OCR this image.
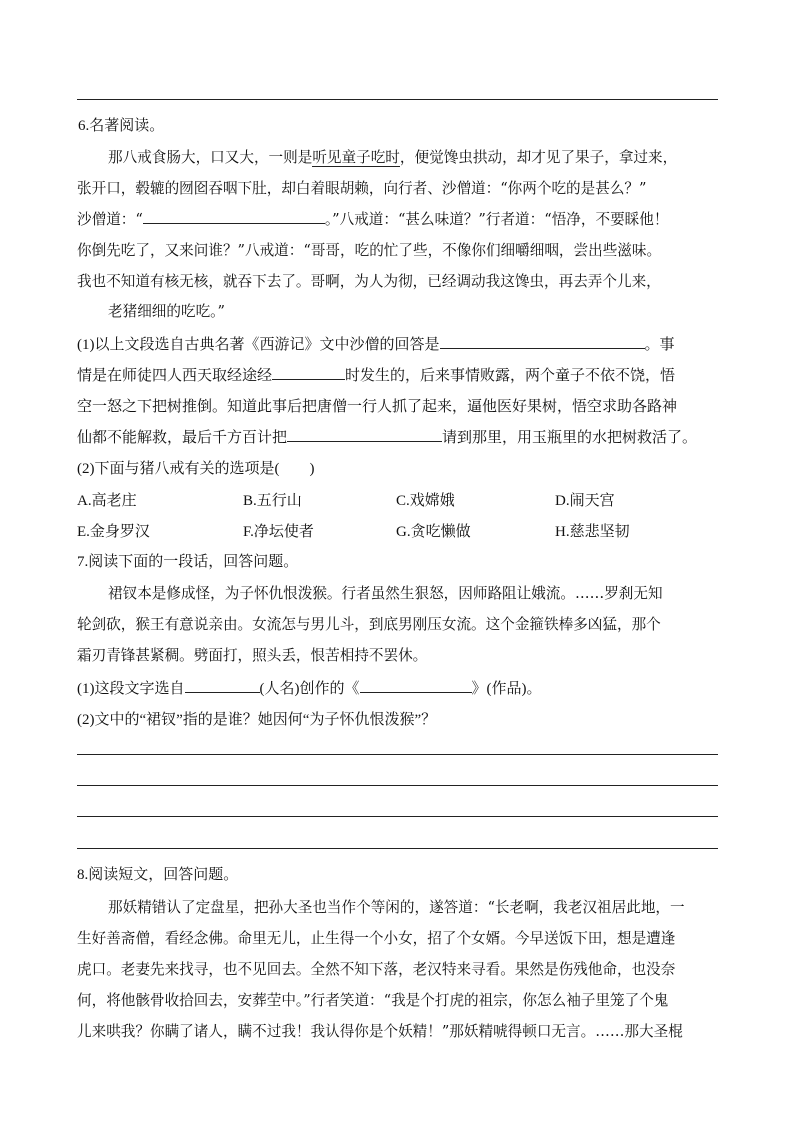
6.名著阅读。
那八戒食肠大，口又大，一则是听见童子吃时，便觉馋虫拱动，却才见了果子，拿过来，
张开口，毂辘的囫囵吞咽下肚，却白着眼胡赖，向行者、沙僧道：“你两个吃的是甚么？”
沙僧道：“	。”八戒道：“甚么味道？”行者道：“悟净，不要睬他！
你倒先吃了，又来问谁？”八戒道：“哥哥，吃的忙了些，不像你们细嚼细咽，尝出些滋味。
我也不知道有核无核，就吞下去了。哥啊，为人为彻，已经调动我这馋虫，再去弄个儿来，
老猪细细的吃吃。”
(1)以上文段选自古典名著《西游记》文中沙僧的回答是	。事
情是在师徒四人西天取经途经	时发生的，后来事情败露，两个童子不依不饶，悟
空一怒之下把树推倒。知道此事后把唐僧一行人抓了起来，逼他医好果树，悟空求助各路神
仙都不能解救，最后千方百计把	请到那里，用玉瓶里的水把树救活了。
(2)下面与猪八戒有关的选项是(　　)
A.高老庄	B.五行山	C.戏嫦娥	D.闹天宫
E.金身罗汉	F.净坛使者	G.贪吃懒做	H.慈悲坚韧
7.阅读下面的一段话，回答问题。
裙钗本是修成怪，为子怀仇恨泼猴。行者虽然生狠怒，因师路阻让娥流。……罗刹无知
轮剑砍，猴王有意说亲由。女流怎与男儿斗，到底男刚压女流。这个金箍铁棒多凶猛，那个
霜刃青锋甚紧稠。劈面打，照头丢，恨苦相持不罢休。
(1)这段文字选自	(人名)创作的《	》(作品)。
(2)文中的“裙钗”指的是谁？她因何“为子怀仇恨泼猴”？
8.阅读短文，回答问题。
那妖精错认了定盘星，把孙大圣也当作个等闲的，遂答道：“长老啊，我老汉祖居此地，一
生好善斋僧，看经念佛。命里无儿，止生得一个小女，招了个女婿。今早送饭下田，想是遭逢
虎口。老妻先来找寻，也不见回去。全然不知下落，老汉特来寻看。果然是伤残他命，也没奈
何，将他骸骨收拾回去，安葬茔中。”行者笑道：“我是个打虎的祖宗，你怎么袖子里笼了个鬼
儿来哄我？你瞒了诸人，瞒不过我！我认得你是个妖精！”那妖精唬得顿口无言。……那大圣棍
